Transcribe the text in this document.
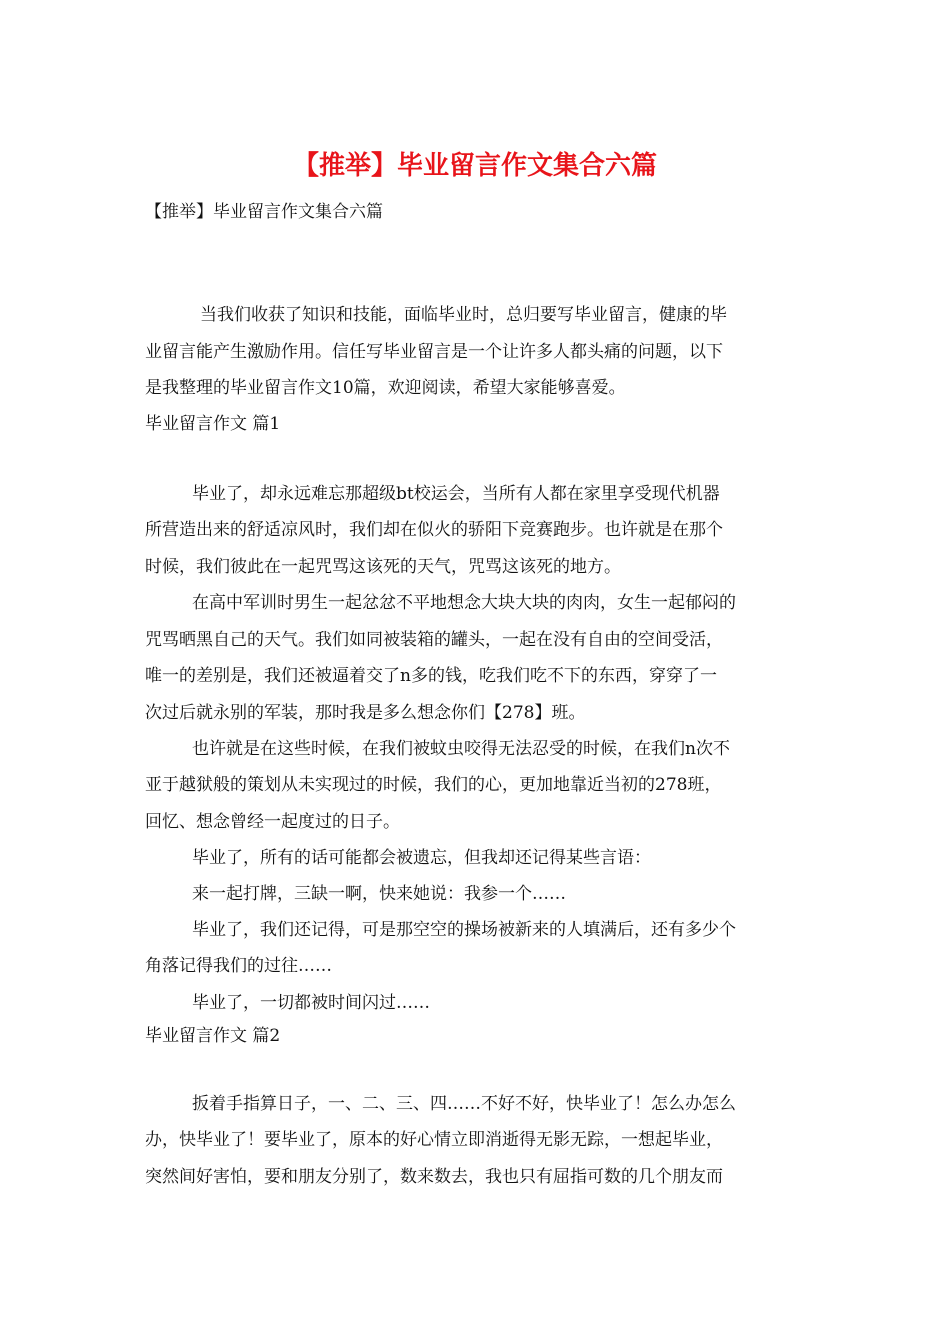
【推举】毕业留言作文集合六篇
【推举】毕业留言作文集合六篇
当我们收获了知识和技能，面临毕业时，总归要写毕业留言，健康的毕
业留言能产生激励作用。信任写毕业留言是一个让许多人都头痛的问题，以下
是我整理的毕业留言作文10篇，欢迎阅读，希望大家能够喜爱。
毕业留言作文 篇1
毕业了，却永远难忘那超级bt校运会，当所有人都在家里享受现代机器
所营造出来的舒适凉风时，我们却在似火的骄阳下竞赛跑步。也许就是在那个
时候，我们彼此在一起咒骂这该死的天气，咒骂这该死的地方。
在高中军训时男生一起忿忿不平地想念大块大块的肉肉，女生一起郁闷的
咒骂晒黑自己的天气。我们如同被装箱的罐头，一起在没有自由的空间受活，
唯一的差别是，我们还被逼着交了n多的钱，吃我们吃不下的东西，穿穿了一
次过后就永别的军装，那时我是多么想念你们【278】班。
也许就是在这些时候，在我们被蚊虫咬得无法忍受的时候，在我们n次不
亚于越狱般的策划从未实现过的时候，我们的心，更加地靠近当初的278班，
回忆、想念曾经一起度过的日子。
毕业了，所有的话可能都会被遗忘，但我却还记得某些言语：
来一起打牌，三缺一啊，快来她说：我参一个……
毕业了，我们还记得，可是那空空的操场被新来的人填满后，还有多少个
角落记得我们的过往……
毕业了，一切都被时间闪过……
毕业留言作文 篇2
扳着手指算日子，一、二、三、四……不好不好，快毕业了！怎么办怎么
办，快毕业了！要毕业了，原本的好心情立即消逝得无影无踪，一想起毕业，
突然间好害怕，要和朋友分别了，数来数去，我也只有屈指可数的几个朋友而
